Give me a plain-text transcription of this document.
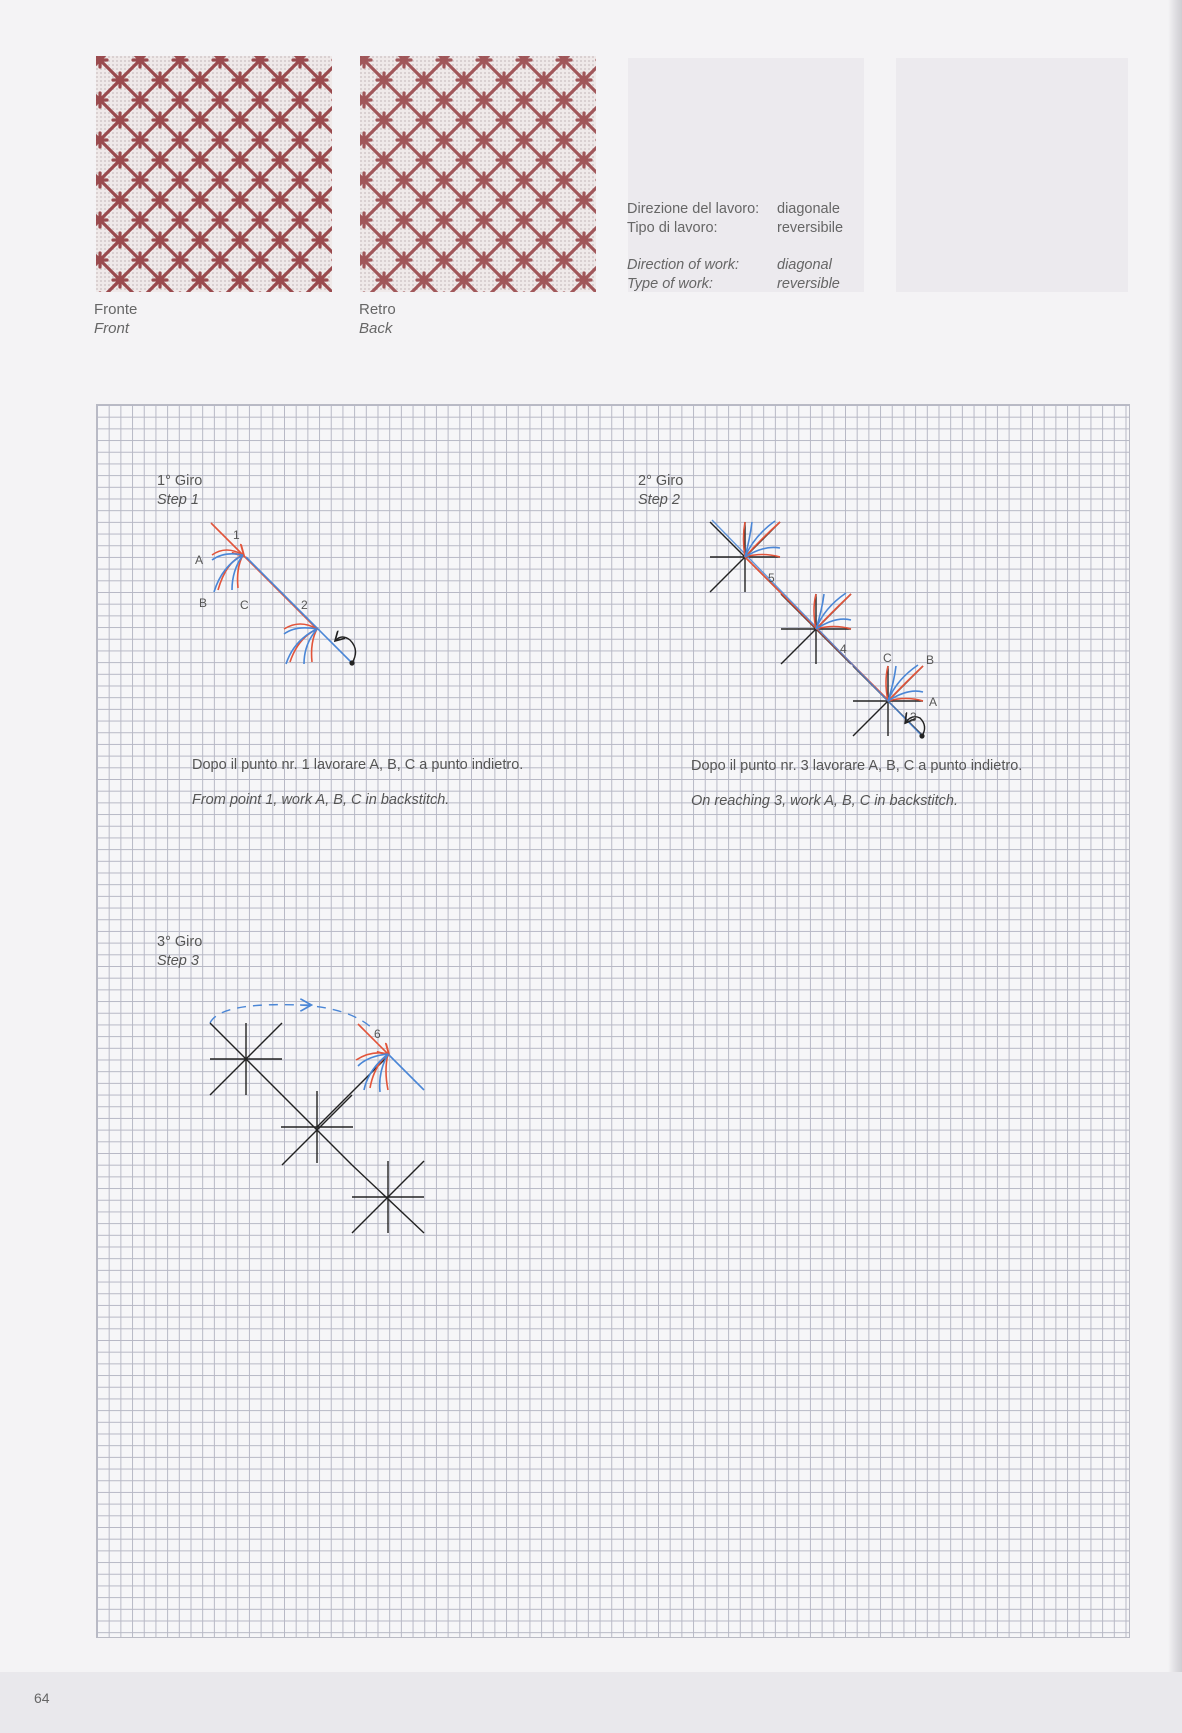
Fronte
Front
Retro
Back
Direzione del lavoro:	diagonale
Tipo di lavoro:	reversibile
Direction of work:	diagonal
Type of work:	reversible
1° Giro
Step 1
2° Giro
Step 2
3° Giro
Step 3
1
2
A
B	C
Dopo il punto nr. 1 lavorare A, B, C a punto indietro.
From point 1, work A, B, C in backstitch.
5
4
3
A
B
C
Dopo il punto nr. 3 lavorare A, B, C a punto indietro.
On reaching 3, work A, B, C in backstitch.
6
64
